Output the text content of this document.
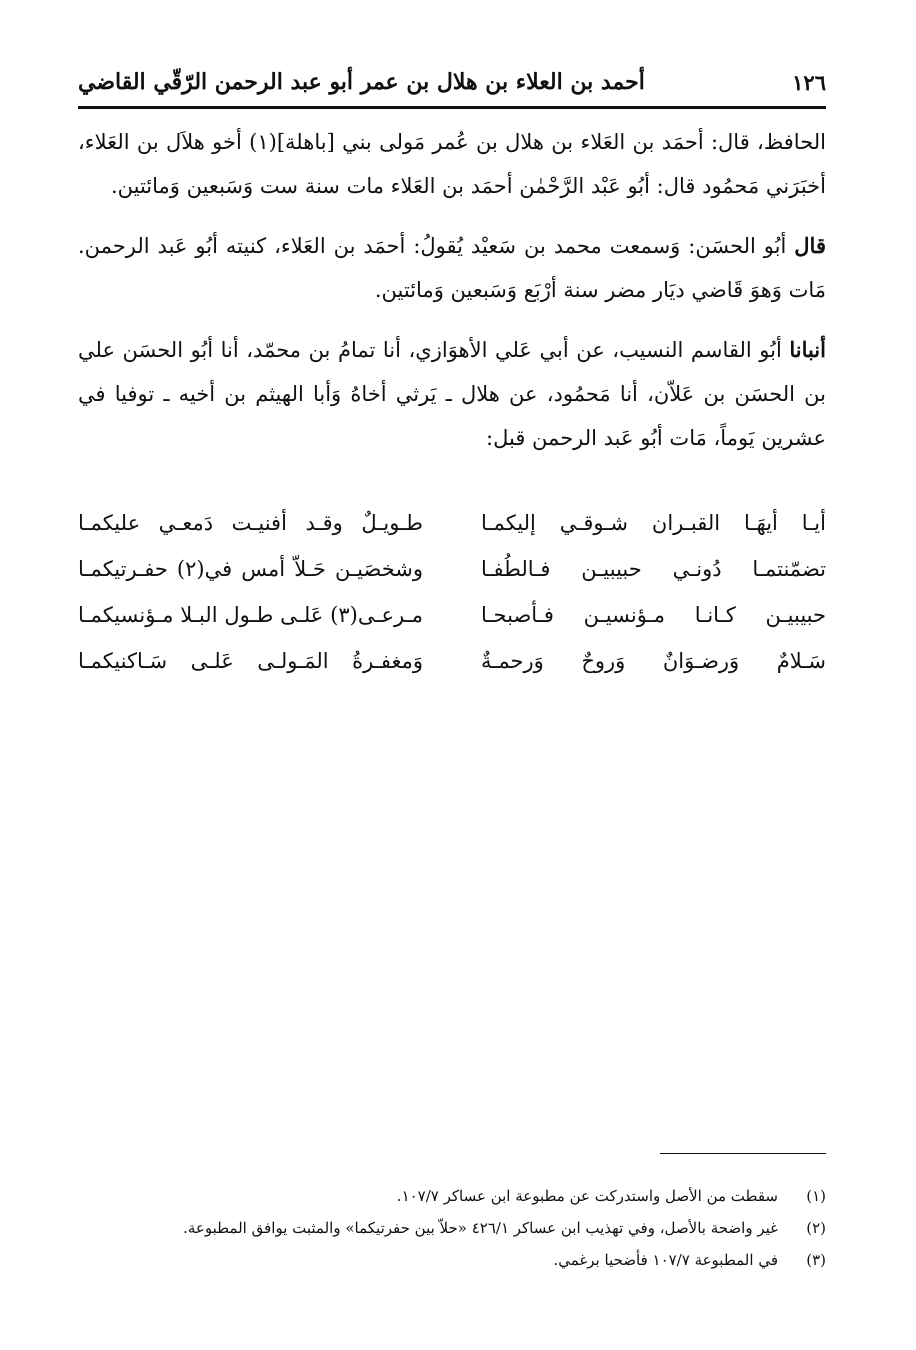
١٢٦
أحمد بن العلاء بن هلال بن عمر أبو عبد الرحمن الرّقّي القاضي

الحافظ، قال: أحمَد بن العَلاء بن هلال بن عُمر مَولى بني [باهلة](١) أخو هلاَل بن العَلاء، أخبَرَني مَحمُود قال: أبُو عَبْد الرَّحْمٰن أحمَد بن العَلاء مات سنة ست وَسَبعين وَمائتين.

قال أبُو الحسَن: وَسمعت محمد بن سَعيْد يُقولُ: أحمَد بن العَلاء، كنيته أبُو عَبد الرحمن. مَات وَهوَ قَاضي ديَار مضر سنة أرْبَع وَسَبعين وَمائتين.

أنبانا أبُو القاسم النسيب، عن أبي عَلي الأهوَازي، أنا تمامُ بن محمّد، أنا أبُو الحسَن علي بن الحسَن بن عَلاّن، أنا مَحمُود، عن هلال ـ يَرثي أخاهُ وَأبا الهيثم بن أخيه ـ توفيا في عشرين يَوماً، مَات أبُو عَبد الرحمن قبل:

أيـا أيهَـا القبـران شـوقـي إليكمـا
طـويـلٌ وقـد أفنيـت دَمعـي عليكمـا
تضمّنتمـا دُونـي حبيبيـن فـالطُفـا
وشخصَيـن حَـلاّ أمس في(٢) حفـرتيكمـا
حبيبيـن كـانـا مـؤنسيـن فـأصبحـا
مـرعـى(٣) عَلـى طـول البـلا مـؤنسيكمـا
سَـلامٌ وَرضـوَانٌ وَروحٌ وَرحمـةٌ
وَمغفـرةُ المَـولـى عَلـى سَـاكنيكمـا
(١)
سقطت من الأصل واستدركت عن مطبوعة ابن عساكر ١٠٧/٧.
(٢)
غير واضحة بالأصل، وفي تهذيب ابن عساكر ٤٢٦/١ «حلاّ بين حفرتيكما» والمثبت يوافق المطبوعة.
(٣)
في المطبوعة ١٠٧/٧ فأضحيا برغمي.
